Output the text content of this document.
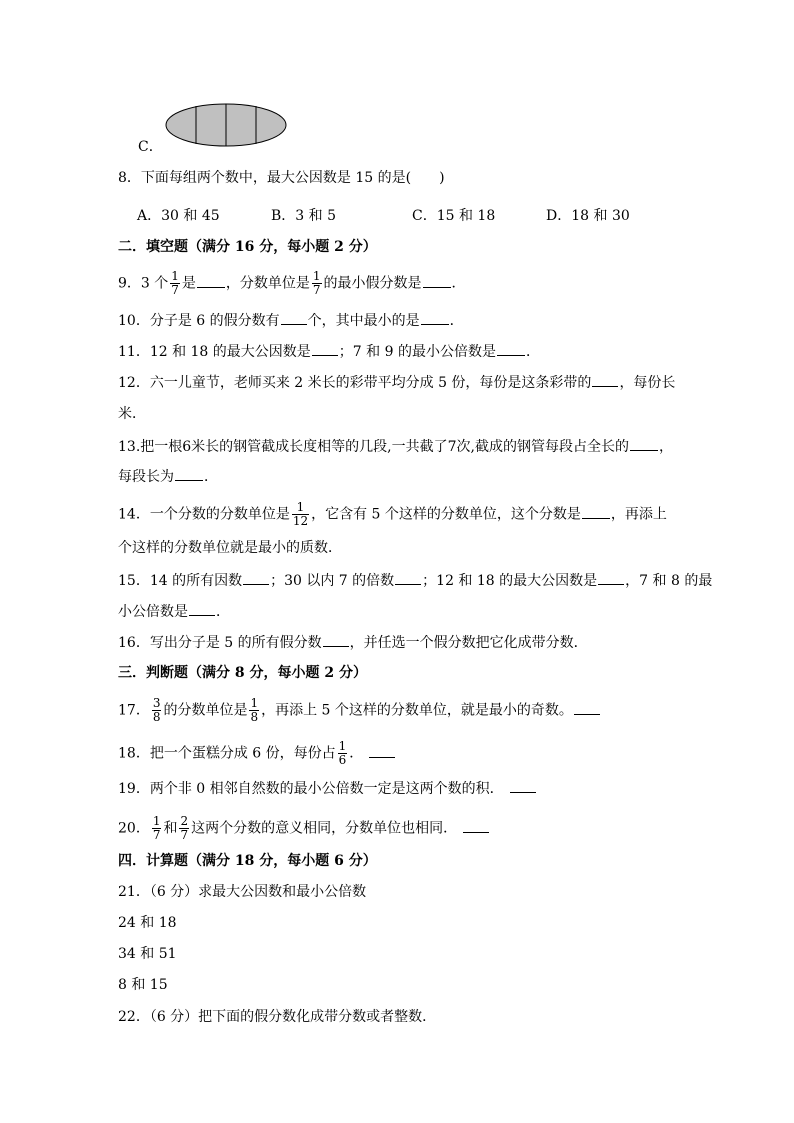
C．
8．下面每组两个数中，最大公因数是 15 的是(　　)
A．30 和 45	B．3 和 5	C．15 和 18	D．18 和 30
二．填空题（满分 16 分，每小题 2 分）
9．3 个 $\frac{1}{7}$ 是 ，分数单位是 $\frac{1}{7}$ 的最小假分数是 ．
10．分子是 6 的假分数有 个，其中最小的是 ．
11．12 和 18 的最大公因数是 ；7 和 9 的最小公倍数是 ．
12．六一儿童节，老师买来 2 米长的彩带平均分成 5 份，每份是这条彩带的 ，每份长
米．
13.把一根6米长的钢管截成长度相等的几段,一共截了7次,截成的钢管每段占全长的 ，
每段长为 ．
14．一个分数的分数单位是 $\frac{1}{12}$ ，它含有 5 个这样的分数单位，这个分数是 ，再添上
个这样的分数单位就是最小的质数．
15．14 的所有因数 ；30 以内 7 的倍数 ；12 和 18 的最大公因数是 ，7 和 8 的最
小公倍数是 ．
16．写出分子是 5 的所有假分数 ，并任选一个假分数把它化成带分数．
三．判断题（满分 8 分，每小题 2 分）
17． $\frac{3}{8}$ 的分数单位是 $\frac{1}{8}$ ，再添上 5 个这样的分数单位，就是最小的奇数。
18．把一个蛋糕分成 6 份，每份占 $\frac{1}{6}$ ．
19．两个非 0 相邻自然数的最小公倍数一定是这两个数的积．
20． $\frac{1}{7}$ 和 $\frac{2}{7}$ 这两个分数的意义相同，分数单位也相同．
四．计算题（满分 18 分，每小题 6 分）
21．（6 分）求最大公因数和最小公倍数
24 和 18
34 和 51
8 和 15
22．（6 分）把下面的假分数化成带分数或者整数．
